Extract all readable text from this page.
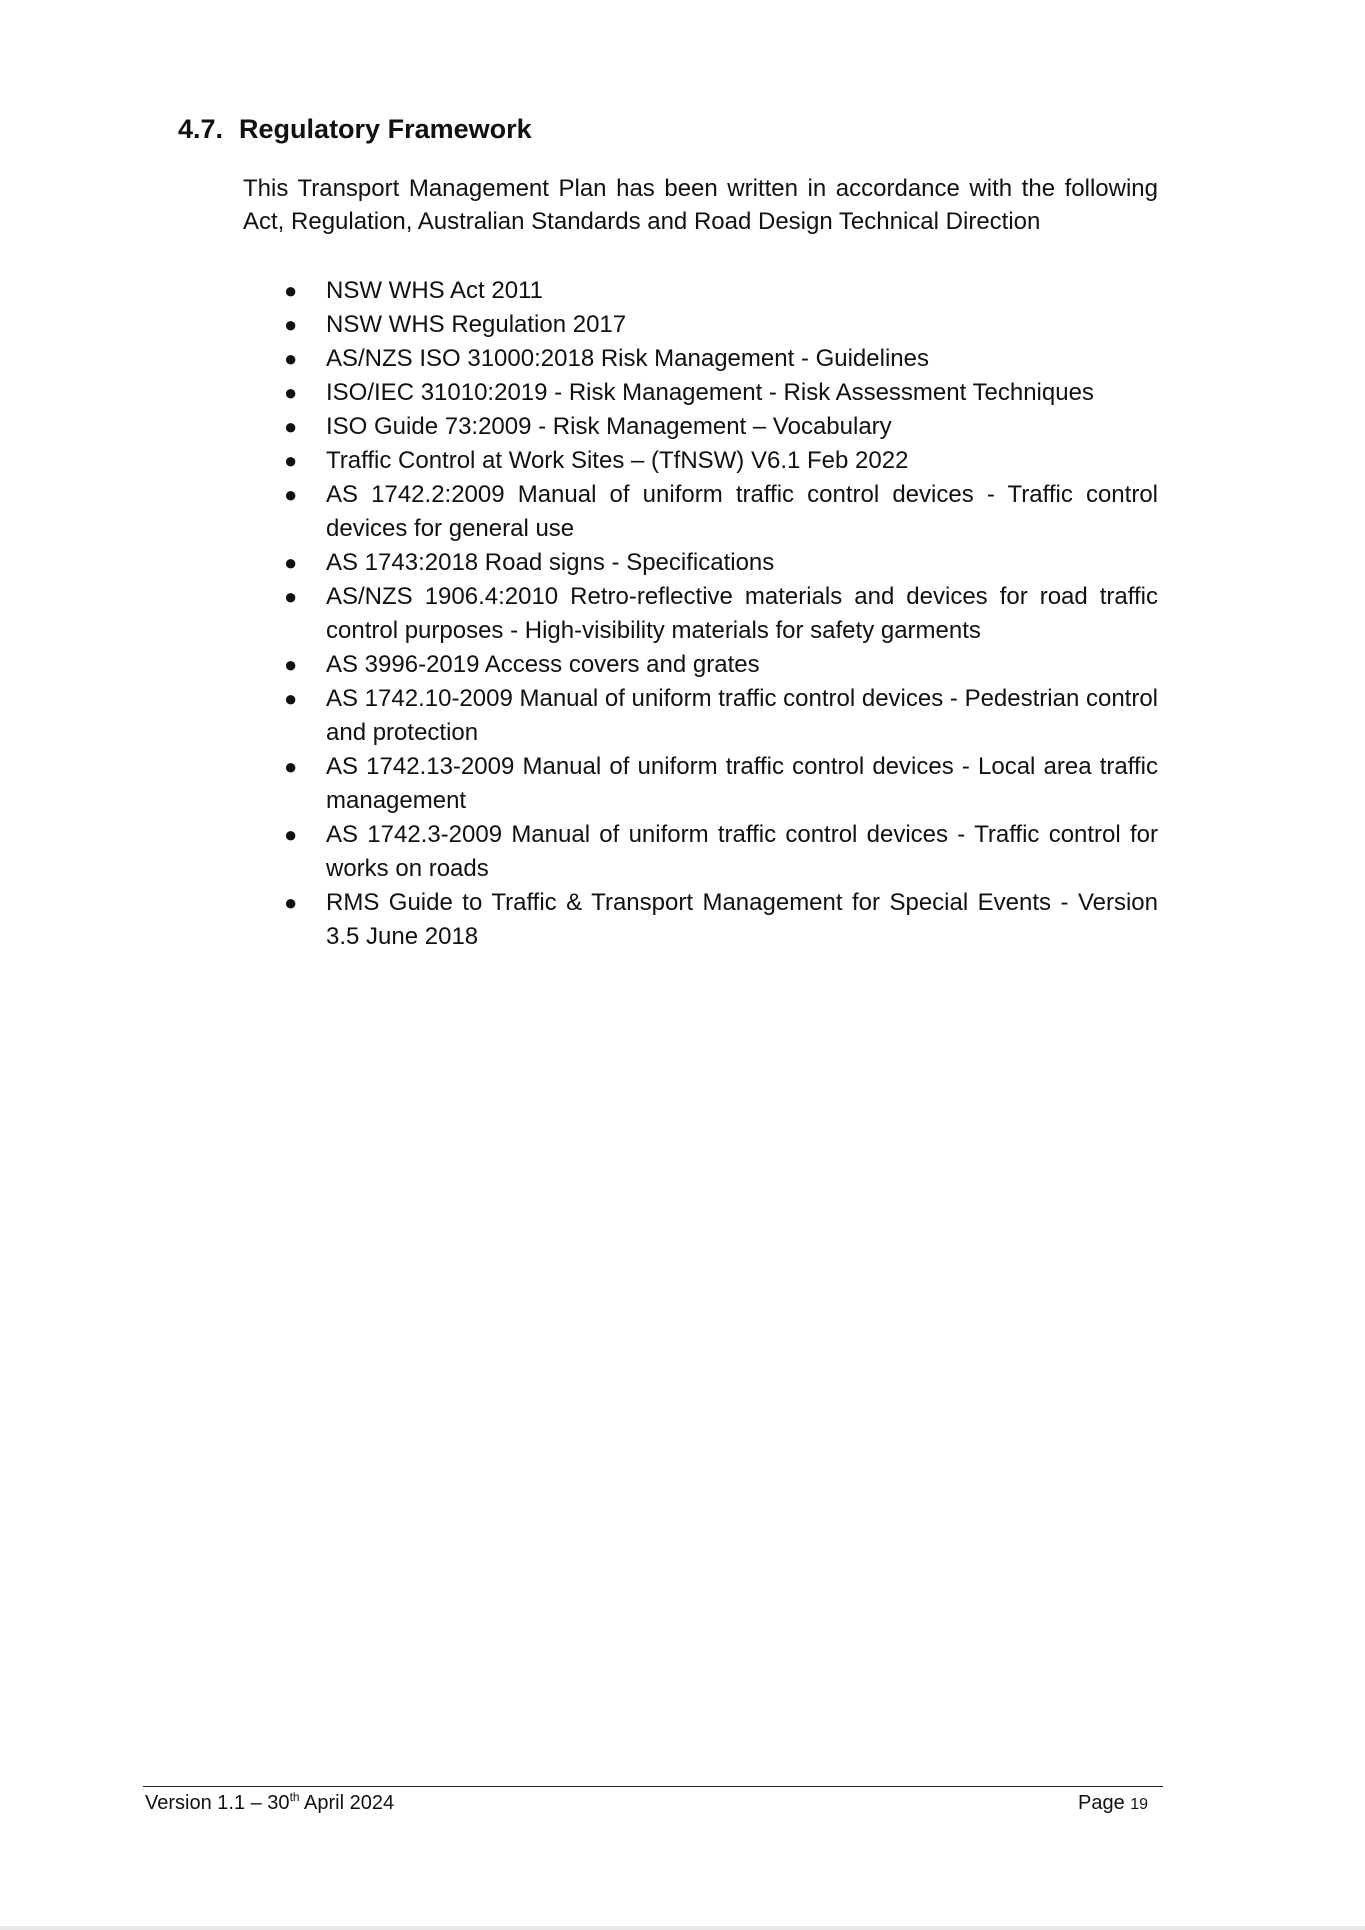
4.7. Regulatory Framework

This Transport Management Plan has been written in accordance with the following Act, Regulation, Australian Standards and Road Design Technical Direction

● NSW WHS Act 2011
● NSW WHS Regulation 2017
● AS/NZS ISO 31000:2018 Risk Management - Guidelines
● ISO/IEC 31010:2019 - Risk Management - Risk Assessment Techniques
● ISO Guide 73:2009 - Risk Management – Vocabulary
● Traffic Control at Work Sites – (TfNSW) V6.1 Feb 2022
● AS 1742.2:2009 Manual of uniform traffic control devices - Traffic control devices for general use
● AS 1743:2018 Road signs - Specifications
● AS/NZS 1906.4:2010 Retro-reflective materials and devices for road traffic control purposes - High-visibility materials for safety garments
● AS 3996-2019 Access covers and grates
● AS 1742.10-2009 Manual of uniform traffic control devices - Pedestrian control and protection
● AS 1742.13-2009 Manual of uniform traffic control devices - Local area traffic management
● AS 1742.3-2009 Manual of uniform traffic control devices - Traffic control for works on roads
● RMS Guide to Traffic & Transport Management for Special Events - Version 3.5 June 2018
Version 1.1 – 30th April 2024	Page 19
